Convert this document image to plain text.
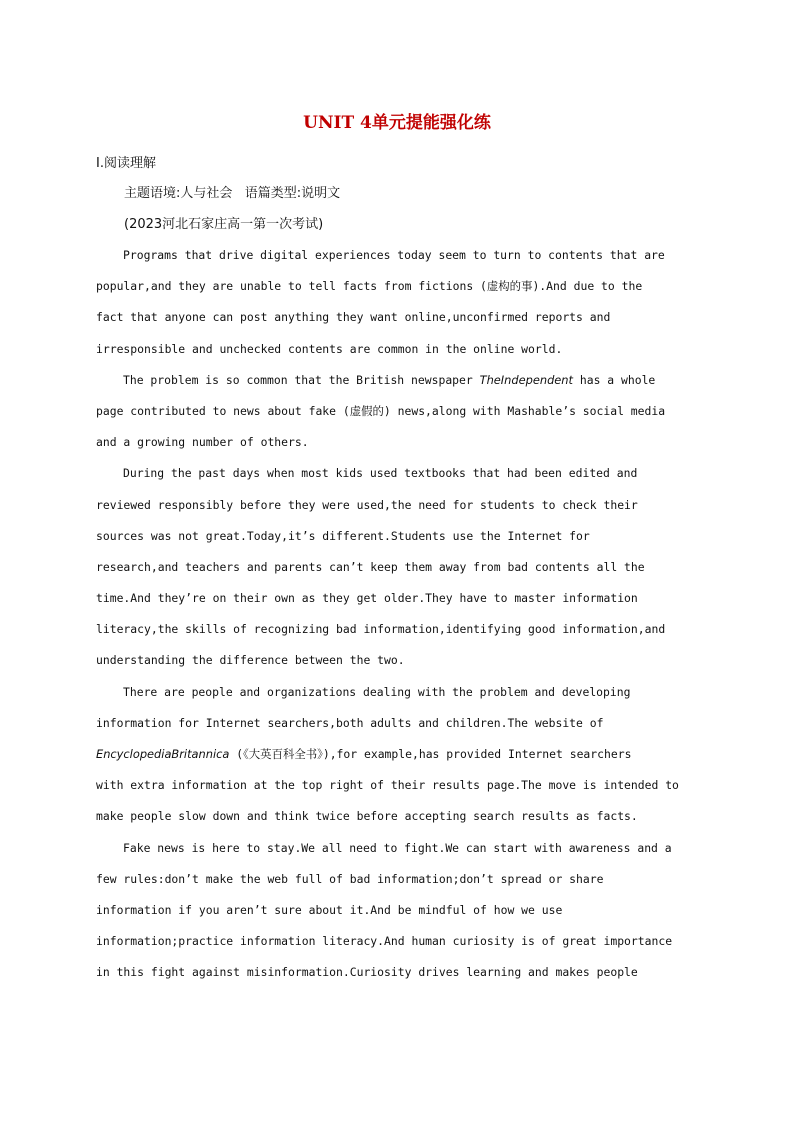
UNIT 4单元提能强化练
Ⅰ.阅读理解
主题语境:人与社会   语篇类型:说明文
(2023河北石家庄高一第一次考试)
Programs that drive digital experiences today seem to turn to contents that are
popular,and they are unable to tell facts from fictions (虚构的事).And due to the
fact that anyone can post anything they want online,unconfirmed reports and
irresponsible and unchecked contents are common in the online world.
The problem is so common that the British newspaper TheIndependent has a whole
page contributed to news about fake (虚假的) news,along with Mashable’s social media
and a growing number of others.
During the past days when most kids used textbooks that had been edited and
reviewed responsibly before they were used,the need for students to check their
sources was not great.Today,it’s different.Students use the Internet for
research,and teachers and parents can’t keep them away from bad contents all the
time.And they’re on their own as they get older.They have to master information
literacy,the skills of recognizing bad information,identifying good information,and
understanding the difference between the two.
There are people and organizations dealing with the problem and developing
information for Internet searchers,both adults and children.The website of
EncyclopediaBritannica (《大英百科全书》),for example,has provided Internet searchers
with extra information at the top right of their results page.The move is intended to
make people slow down and think twice before accepting search results as facts.
Fake news is here to stay.We all need to fight.We can start with awareness and a
few rules:don’t make the web full of bad information;don’t spread or share
information if you aren’t sure about it.And be mindful of how we use
information;practice information literacy.And human curiosity is of great importance
in this fight against misinformation.Curiosity drives learning and makes people
